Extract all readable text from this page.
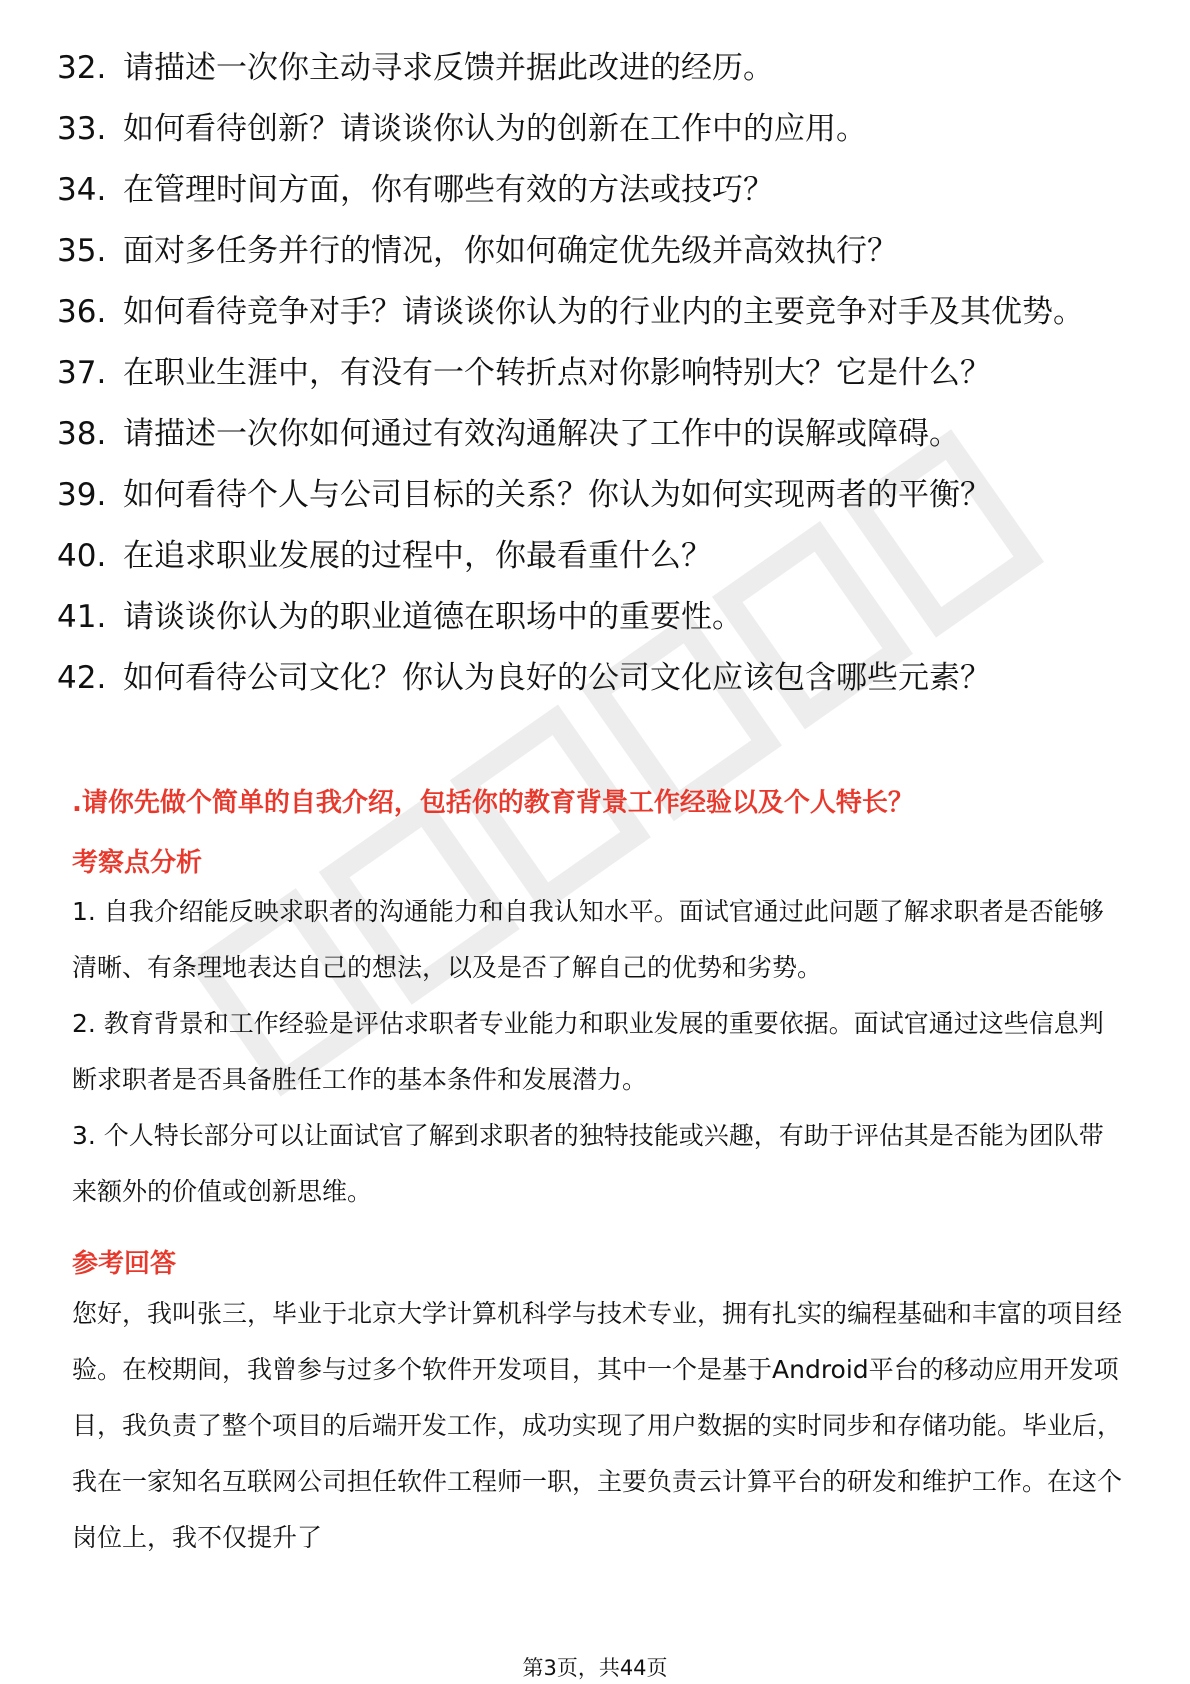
32. 请描述一次你主动寻求反馈并据此改进的经历。
33. 如何看待创新？请谈谈你认为的创新在工作中的应用。
34. 在管理时间方面，你有哪些有效的方法或技巧？
35. 面对多任务并行的情况，你如何确定优先级并高效执行？
36. 如何看待竞争对手？请谈谈你认为的行业内的主要竞争对手及其优势。
37. 在职业生涯中，有没有一个转折点对你影响特别大？它是什么？
38. 请描述一次你如何通过有效沟通解决了工作中的误解或障碍。
39. 如何看待个人与公司目标的关系？你认为如何实现两者的平衡？
40. 在追求职业发展的过程中，你最看重什么？
41. 请谈谈你认为的职业道德在职场中的重要性。
42. 如何看待公司文化？你认为良好的公司文化应该包含哪些元素？
.请你先做个简单的自我介绍，包括你的教育背景工作经验以及个人特长？
考察点分析

1. 自我介绍能反映求职者的沟通能力和自我认知水平。面试官通过此问题了解求职者是否能够清晰、有条理地表达自己的想法，以及是否了解自己的优势和劣势。

2. 教育背景和工作经验是评估求职者专业能力和职业发展的重要依据。面试官通过这些信息判断求职者是否具备胜任工作的基本条件和发展潜力。

3. 个人特长部分可以让面试官了解到求职者的独特技能或兴趣，有助于评估其是否能为团队带来额外的价值或创新思维。

参考回答

您好，我叫张三，毕业于北京大学计算机科学与技术专业，拥有扎实的编程基础和丰富的项目经验。在校期间，我曾参与过多个软件开发项目，其中一个是基于Android平台的移动应用开发项目，我负责了整个项目的后端开发工作，成功实现了用户数据的实时同步和存储功能。毕业后，我在一家知名互联网公司担任软件工程师一职，主要负责云计算平台的研发和维护工作。在这个岗位上，我不仅提升了

第3页，共44页
